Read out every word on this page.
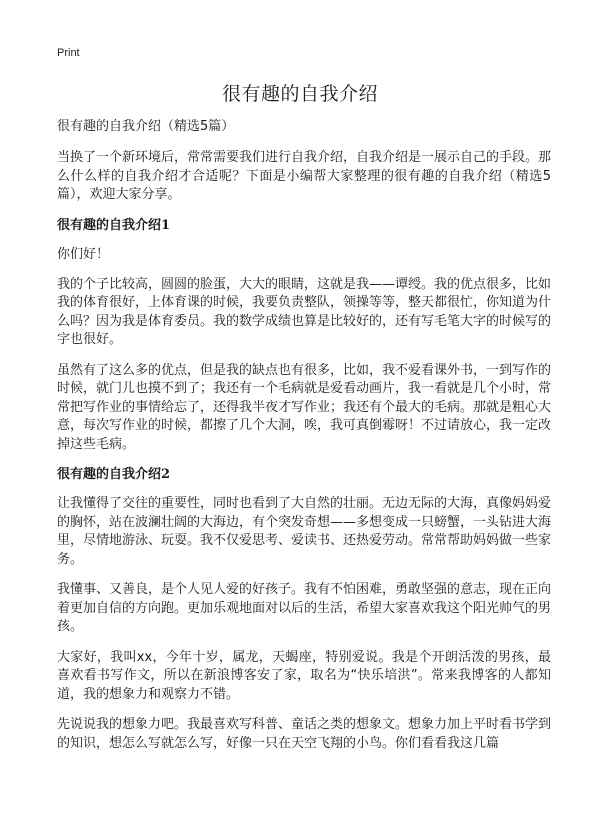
Print
很有趣的自我介绍
很有趣的自我介绍（精选5篇）

当换了一个新环境后，常常需要我们进行自我介绍，自我介绍是一展示自己的手段。那么什么样的自我介绍才合适呢？下面是小编帮大家整理的很有趣的自我介绍（精选5篇），欢迎大家分享。

很有趣的自我介绍1

你们好！

我的个子比较高，圆圆的脸蛋，大大的眼睛，这就是我——谭绶。我的优点很多，比如我的体育很好，上体育课的时候，我要负责整队，领操等等，整天都很忙，你知道为什么吗？因为我是体育委员。我的数学成绩也算是比较好的，还有写毛笔大字的时候写的字也很好。

虽然有了这么多的优点，但是我的缺点也有很多，比如，我不爱看课外书，一到写作的时候，就门儿也摸不到了；我还有一个毛病就是爱看动画片，我一看就是几个小时，常常把写作业的事情给忘了，还得我半夜才写作业；我还有个最大的毛病。那就是粗心大意，每次写作业的时候，都擦了几个大洞，唉，我可真倒霉呀！不过请放心，我一定改掉这些毛病。

很有趣的自我介绍2

让我懂得了交往的重要性，同时也看到了大自然的壮丽。无边无际的大海，真像妈妈爱的胸怀，站在波澜壮阔的大海边，有个突发奇想——多想变成一只螃蟹，一头钻进大海里，尽情地游泳、玩耍。我不仅爱思考、爱读书、还热爱劳动。常常帮助妈妈做一些家务。

我懂事、又善良，是个人见人爱的好孩子。我有不怕困难，勇敢坚强的意志，现在正向着更加自信的方向跑。更加乐观地面对以后的生活，希望大家喜欢我这个阳光帅气的男孩。

大家好，我叫xx，今年十岁，属龙，天蝎座，特别爱说。我是个开朗活泼的男孩，最喜欢看书写作文，所以在新浪博客安了家，取名为“快乐培洪”。常来我博客的人都知道，我的想象力和观察力不错。

先说说我的想象力吧。我最喜欢写科普、童话之类的想象文。想象力加上平时看书学到的知识，想怎么写就怎么写，好像一只在天空飞翔的小鸟。你们看看我这几篇
